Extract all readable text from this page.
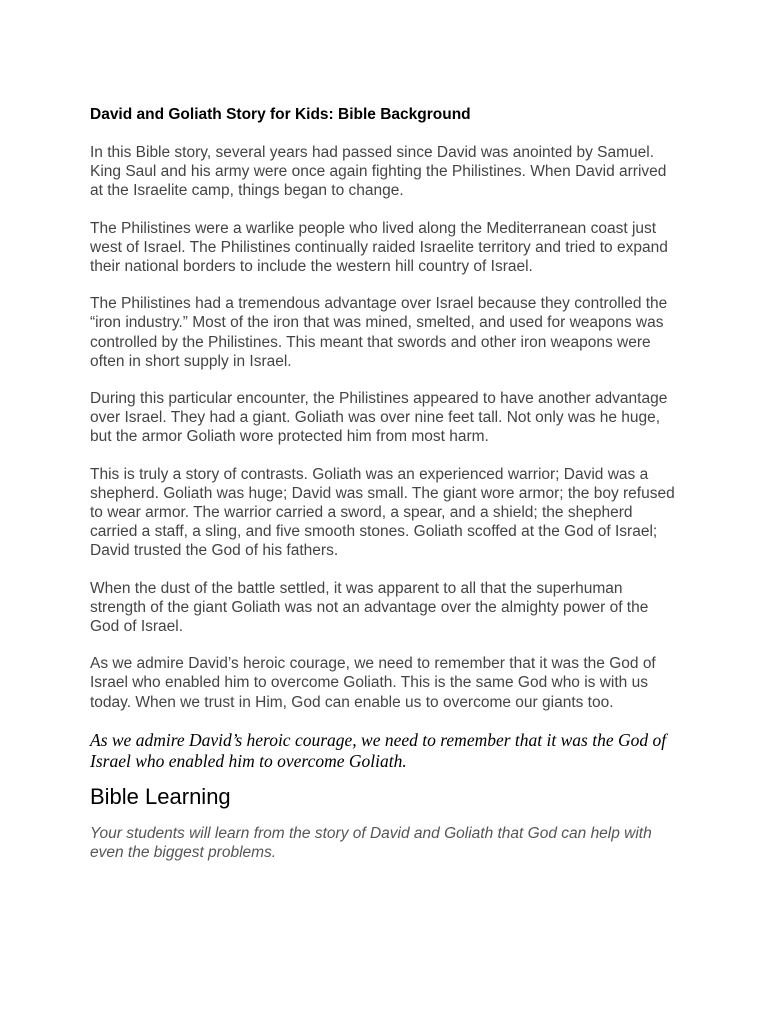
David and Goliath Story for Kids: Bible Background

In this Bible story, several years had passed since David was anointed by Samuel. King Saul and his army were once again fighting the Philistines. When David arrived at the Israelite camp, things began to change.

The Philistines were a warlike people who lived along the Mediterranean coast just west of Israel. The Philistines continually raided Israelite territory and tried to expand their national borders to include the western hill country of Israel.

The Philistines had a tremendous advantage over Israel because they controlled the “iron industry.” Most of the iron that was mined, smelted, and used for weapons was controlled by the Philistines. This meant that swords and other iron weapons were often in short supply in Israel.

During this particular encounter, the Philistines appeared to have another advantage over Israel. They had a giant. Goliath was over nine feet tall. Not only was he huge, but the armor Goliath wore protected him from most harm.

This is truly a story of contrasts. Goliath was an experienced warrior; David was a shepherd. Goliath was huge; David was small. The giant wore armor; the boy refused to wear armor. The warrior carried a sword, a spear, and a shield; the shepherd carried a staff, a sling, and five smooth stones. Goliath scoffed at the God of Israel; David trusted the God of his fathers.

When the dust of the battle settled, it was apparent to all that the superhuman strength of the giant Goliath was not an advantage over the almighty power of the God of Israel.

As we admire David’s heroic courage, we need to remember that it was the God of Israel who enabled him to overcome Goliath. This is the same God who is with us today. When we trust in Him, God can enable us to overcome our giants too.

As we admire David’s heroic courage, we need to remember that it was the God of Israel who enabled him to overcome Goliath.

Bible Learning

Your students will learn from the story of David and Goliath that God can help with even the biggest problems.
